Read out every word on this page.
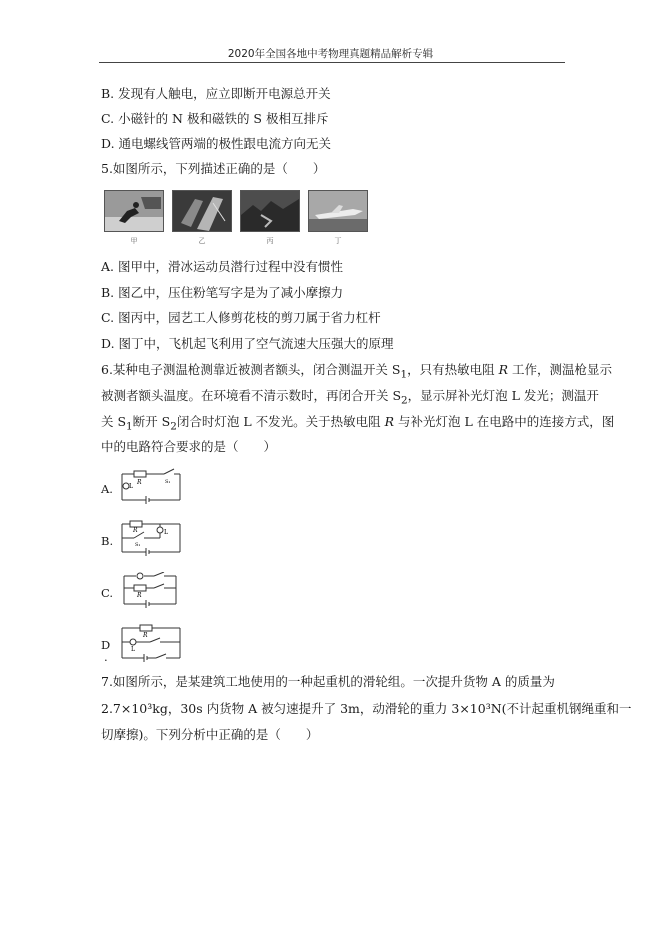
2020年全国各地中考物理真题精品解析专辑
B. 发现有人触电，应立即断开电源总开关
C. 小磁针的 N 极和磁铁的 S 极相互排斥
D. 通电螺线管两端的极性跟电流方向无关
5.如图所示，下列描述正确的是（　　）
甲	乙	丙	丁
A. 图甲中，滑冰运动员潜行过程中没有惯性
B. 图乙中，压住粉笔写字是为了减小摩擦力
C. 图丙中，园艺工人修剪花枝的剪刀属于省力杠杆
D. 图丁中，飞机起飞利用了空气流速大压强大的原理
6.某种电子测温枪测靠近被测者额头，闭合测温开关 $S_1$，只有热敏电阻 R 工作，测温枪显示
被测者额头温度。在环境看不清示数时，再闭合开关 $S_2$，显示屏补光灯泡 L 发光；测温开
关 $S_1$断开 $S_2$闭合时灯泡 L 不发光。关于热敏电阻 R 与补光灯泡 L 在电路中的连接方式，图
中的电路符合要求的是（　　）
A.
B.
C.
D
.
L
R	S₁
R	L
S₁
R
R
L
7.如图所示，是某建筑工地使用的一种起重机的滑轮组。一次提升货物 A 的质量为
2.7×10³kg，30s 内货物 A 被匀速提升了 3m，动滑轮的重力 3×10³N(不计起重机钢绳重和一
切摩擦)。下列分析中正确的是（　　）
